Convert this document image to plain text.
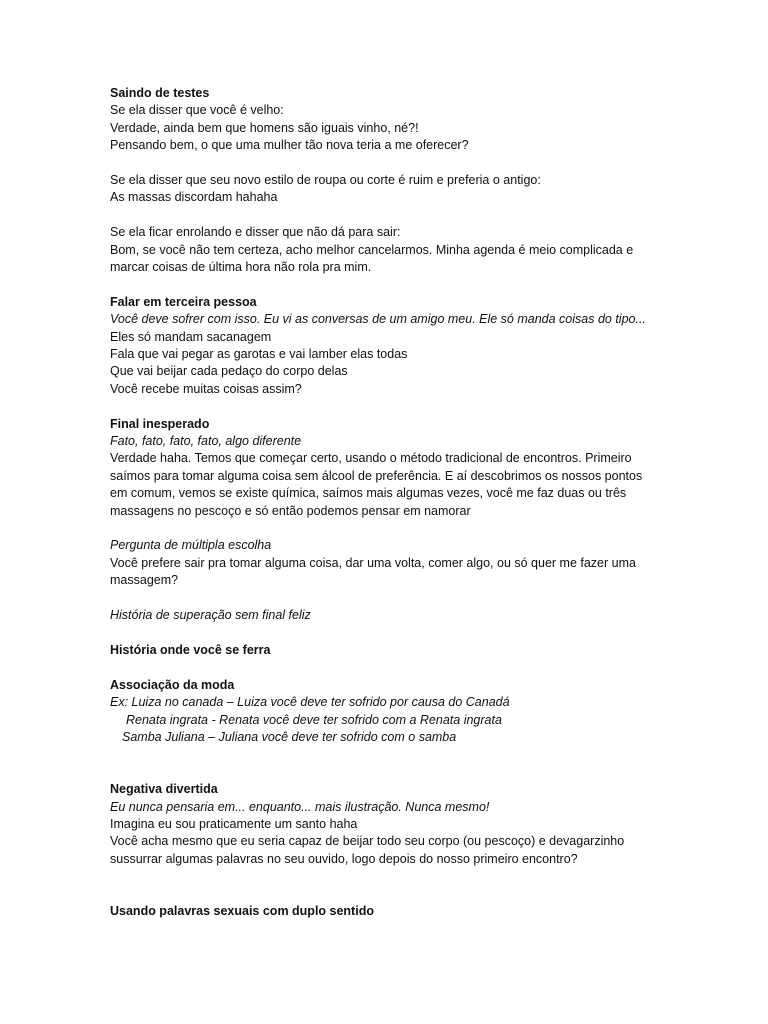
Saindo de testes
Se ela disser que você é velho:
Verdade, ainda bem que homens são iguais vinho, né?!
Pensando bem, o que uma mulher tão nova teria a me oferecer?
Se ela disser que seu novo estilo de roupa ou corte é ruim e preferia o antigo:
As massas discordam hahaha
Se ela ficar enrolando e disser que não dá para sair:
Bom, se você não tem certeza, acho melhor cancelarmos. Minha agenda é meio complicada e
marcar coisas de última hora não rola pra mim.
Falar em terceira pessoa
Você deve sofrer com isso. Eu vi as conversas de um amigo meu. Ele só manda coisas do tipo...
Eles só mandam sacanagem
Fala que vai pegar as garotas e vai lamber elas todas
Que vai beijar cada pedaço do corpo delas
Você recebe muitas coisas assim?
Final inesperado
Fato, fato, fato, fato, algo diferente
Verdade haha. Temos que começar certo, usando o método tradicional de encontros. Primeiro
saímos para tomar alguma coisa sem álcool de preferência. E aí descobrimos os nossos pontos
em comum, vemos se existe química, saímos mais algumas vezes, você me faz duas ou três
massagens no pescoço e só então podemos pensar em namorar
Pergunta de múltipla escolha
Você prefere sair pra tomar alguma coisa, dar uma volta, comer algo, ou só quer me fazer uma
massagem?
História de superação sem final feliz
História onde você se ferra
Associação da moda
Ex: Luiza no canada – Luiza você deve ter sofrido por causa do Canadá
Renata ingrata - Renata você deve ter sofrido com a Renata ingrata
Samba Juliana – Juliana você deve ter sofrido com o samba
Negativa divertida
Eu nunca pensaria em... enquanto... mais ilustração. Nunca mesmo!
Imagina eu sou praticamente um santo haha
Você acha mesmo que eu seria capaz de beijar todo seu corpo (ou pescoço) e devagarzinho
sussurrar algumas palavras no seu ouvido, logo depois do nosso primeiro encontro?
Usando palavras sexuais com duplo sentido
